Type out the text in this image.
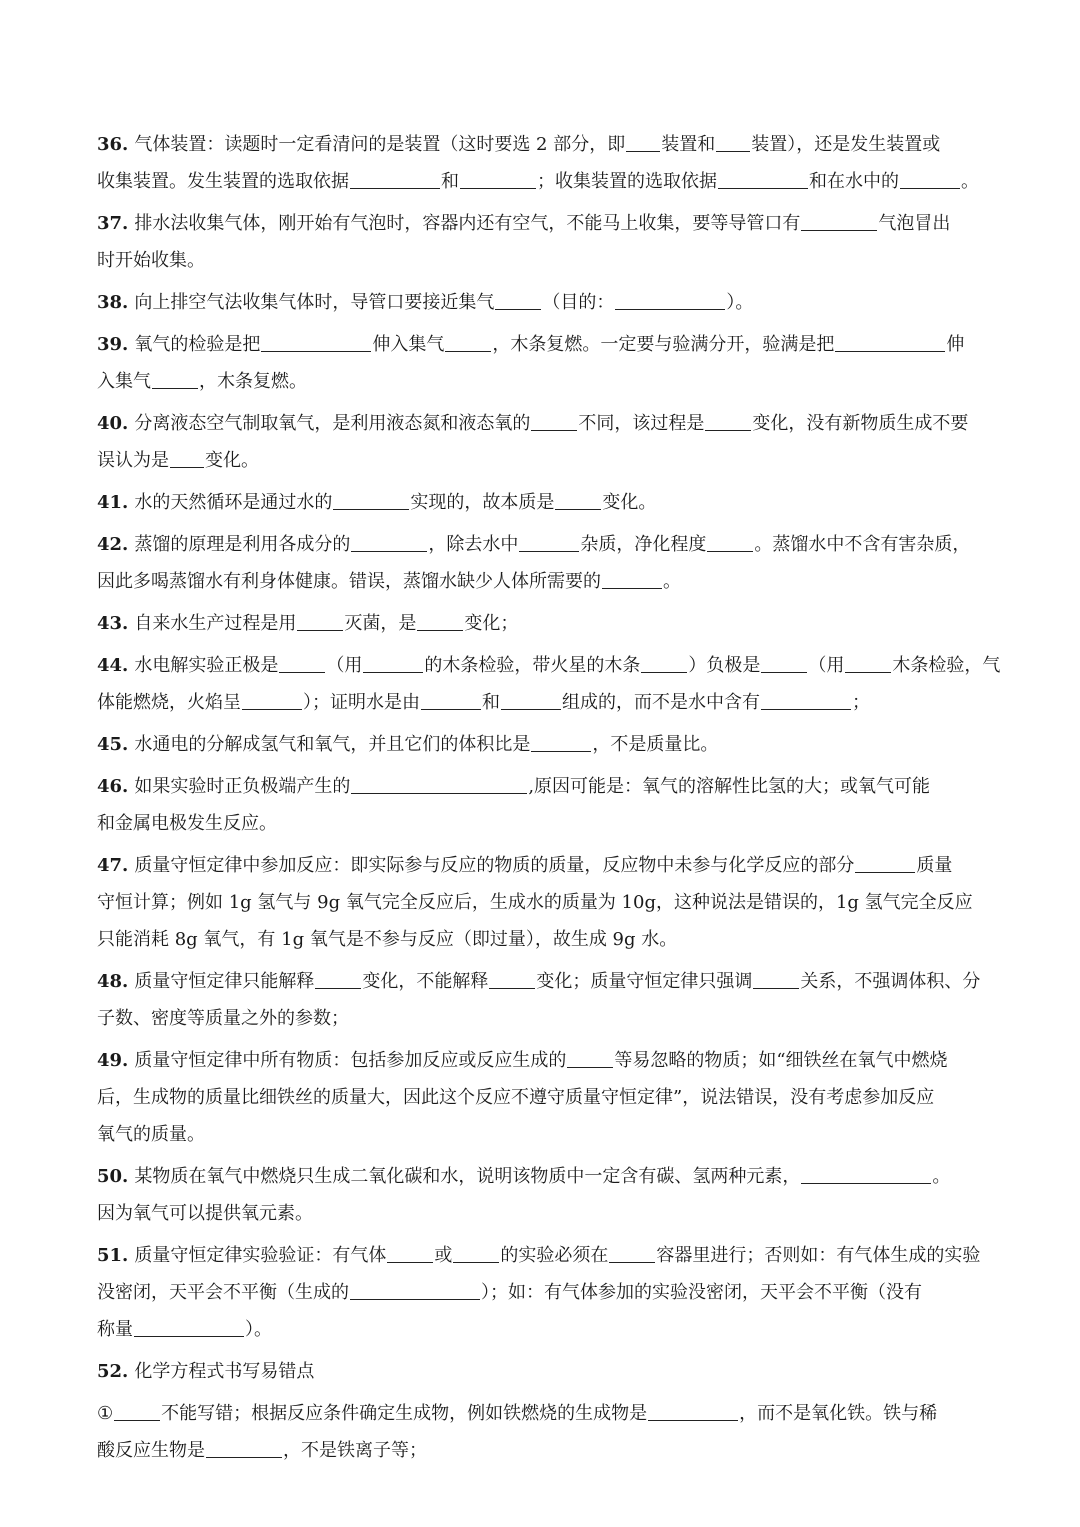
36. 气体装置：读题时一定看清问的是装置（这时要选 2 部分，即 装置和 装置），还是发生装置或
收集装置。发生装置的选取依据	和	；收集装置的选取依据	和在水中的	。
37. 排水法收集气体，刚开始有气泡时，容器内还有空气，不能马上收集，要等导管口有	气泡冒出
时开始收集。
38. 向上排空气法收集气体时，导管口要接近集气	（目的：	）。
39. 氧气的检验是把	伸入集气	，木条复燃。一定要与验满分开，验满是把	伸
入集气	，木条复燃。
40. 分离液态空气制取氧气，是利用液态氮和液态氧的	不同，该过程是	变化，没有新物质生成不要
误认为是 变化。
41. 水的天然循环是通过水的	实现的，故本质是	变化。
42. 蒸馏的原理是利用各成分的	，除去水中	杂质，净化程度	。蒸馏水中不含有害杂质，
因此多喝蒸馏水有利身体健康。错误，蒸馏水缺少人体所需要的	。
43. 自来水生产过程是用	灭菌，是	变化；
44. 水电解实验正极是	（用	的木条检验，带火星的木条	）负极是	（用	木条检验，气
体能燃烧，火焰呈	）；证明水是由	和	组成的，而不是水中含有	；
45. 水通电的分解成氢气和氧气，并且它们的体积比是	，不是质量比。
46. 如果实验时正负极端产生的	,原因可能是：氧气的溶解性比氢的大；或氧气可能
和金属电极发生反应。
47. 质量守恒定律中参加反应：即实际参与反应的物质的质量，反应物中未参与化学反应的部分	质量
守恒计算；例如 1g 氢气与 9g 氧气完全反应后，生成水的质量为 10g，这种说法是错误的，1g 氢气完全反应
只能消耗 8g 氧气，有 1g 氧气是不参与反应（即过量），故生成 9g 水。
48. 质量守恒定律只能解释	变化，不能解释	变化；质量守恒定律只强调	关系，不强调体积、分
子数、密度等质量之外的参数；
49. 质量守恒定律中所有物质：包括参加反应或反应生成的	等易忽略的物质；如“细铁丝在氧气中燃烧
后，生成物的质量比细铁丝的质量大，因此这个反应不遵守质量守恒定律”，说法错误，没有考虑参加反应
氧气的质量。
50. 某物质在氧气中燃烧只生成二氧化碳和水，说明该物质中一定含有碳、氢两种元素，	。
因为氧气可以提供氧元素。
51. 质量守恒定律实验验证：有气体	或	的实验必须在	容器里进行；否则如：有气体生成的实验
没密闭，天平会不平衡（生成的	）；如：有气体参加的实验没密闭，天平会不平衡（没有
称量	）。
52. 化学方程式书写易错点
①	不能写错；根据反应条件确定生成物，例如铁燃烧的生成物是	，而不是氧化铁。铁与稀
酸反应生物是	，不是铁离子等；
